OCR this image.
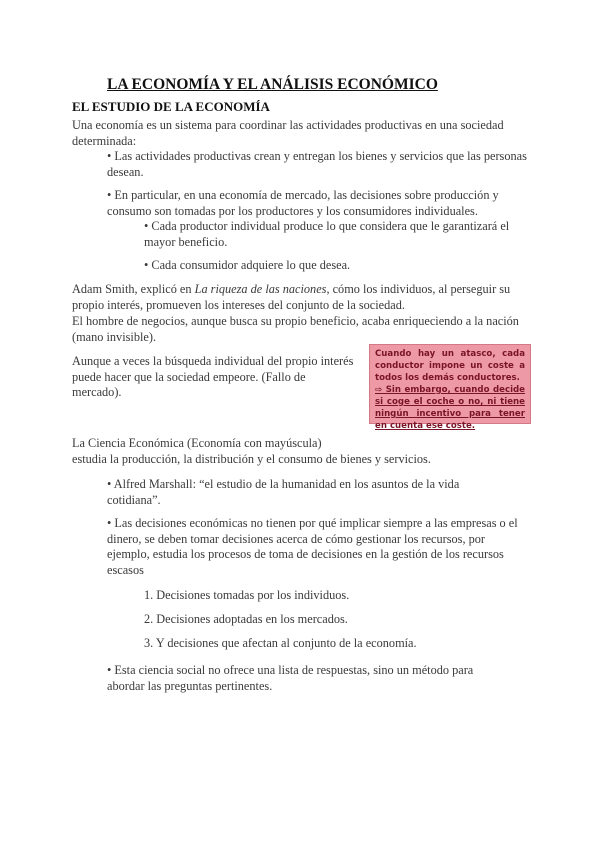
LA ECONOMÍA Y EL ANÁLISIS ECONÓMICO
EL ESTUDIO DE LA ECONOMÍA
Una economía es un sistema para coordinar las actividades productivas en una sociedad determinada:
• Las actividades productivas crean y entregan los bienes y servicios que las personas desean.
• En particular, en una economía de mercado, las decisiones sobre producción y consumo son tomadas por los productores y los consumidores individuales.
• Cada productor individual produce lo que considera que le garantizará el mayor beneficio.
• Cada consumidor adquiere lo que desea.
Adam Smith, explicó en La riqueza de las naciones, cómo los individuos, al perseguir su propio interés, promueven los intereses del conjunto de la sociedad.
El hombre de negocios, aunque busca su propio beneficio, acaba enriqueciendo a la nación (mano invisible).
Aunque a veces la búsqueda individual del propio interés puede hacer que la sociedad empeore. (Fallo de mercado).
Cuando hay un atasco, cada conductor impone un coste a todos los demás conductores.
⇨ Sin embargo, cuando decide si coge el coche o no, ni tiene ningún incentivo para tener en cuenta ese coste.
La Ciencia Económica (Economía con mayúscula)
estudia la producción, la distribución y el consumo de bienes y servicios.
• Alfred Marshall: “el estudio de la humanidad en los asuntos de la vida cotidiana”.
• Las decisiones económicas no tienen por qué implicar siempre a las empresas o el dinero, se deben tomar decisiones acerca de cómo gestionar los recursos, por ejemplo, estudia los procesos de toma de decisiones en la gestión de los recursos escasos
1. Decisiones tomadas por los individuos.
2. Decisiones adoptadas en los mercados.
3. Y decisiones que afectan al conjunto de la economía.
• Esta ciencia social no ofrece una lista de respuestas, sino un método para abordar las preguntas pertinentes.
